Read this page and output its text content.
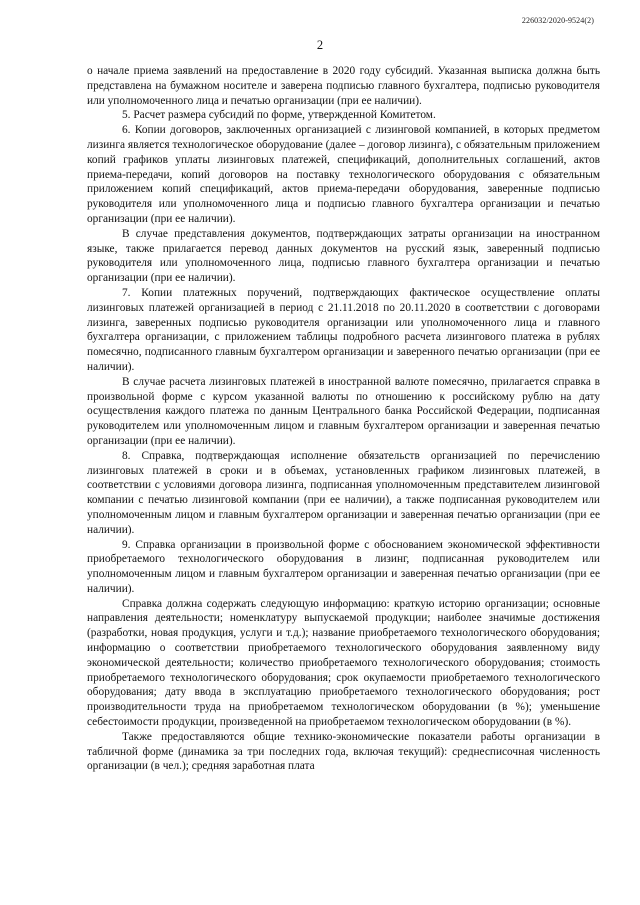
226032/2020-9524(2)
2

о начале приема заявлений на предоставление в 2020 году субсидий. Указанная выписка должна быть представлена на бумажном носителе и заверена подписью главного бухгалтера, подписью руководителя или уполномоченного лица и печатью организации (при ее наличии).

5. Расчет размера субсидий по форме, утвержденной Комитетом.

6. Копии договоров, заключенных организацией с лизинговой компанией, в которых предметом лизинга является технологическое оборудование (далее – договор лизинга), с обязательным приложением копий графиков уплаты лизинговых платежей, спецификаций, дополнительных соглашений, актов приема-передачи, копий договоров на поставку технологического оборудования с обязательным приложением копий спецификаций, актов приема-передачи оборудования, заверенные подписью руководителя или уполномоченного лица и подписью главного бухгалтера организации и печатью организации (при ее наличии).

В случае представления документов, подтверждающих затраты организации на иностранном языке, также прилагается перевод данных документов на русский язык, заверенный подписью руководителя или уполномоченного лица, подписью главного бухгалтера организации и печатью организации (при ее наличии).

7. Копии платежных поручений, подтверждающих фактическое осуществление оплаты лизинговых платежей организацией в период с 21.11.2018 по 20.11.2020 в соответствии с договорами лизинга, заверенных подписью руководителя организации или уполномоченного лица и главного бухгалтера организации, с приложением таблицы подробного расчета лизингового платежа в рублях помесячно, подписанного главным бухгалтером организации и заверенного печатью организации (при ее наличии).

В случае расчета лизинговых платежей в иностранной валюте помесячно, прилагается справка в произвольной форме с курсом указанной валюты по отношению к российскому рублю на дату осуществления каждого платежа по данным Центрального банка Российской Федерации, подписанная руководителем или уполномоченным лицом и главным бухгалтером организации и заверенная печатью организации (при ее наличии).

8. Справка, подтверждающая исполнение обязательств организацией по перечислению лизинговых платежей в сроки и в объемах, установленных графиком лизинговых платежей, в соответствии с условиями договора лизинга, подписанная уполномоченным представителем лизинговой компании с печатью лизинговой компании (при ее наличии), а также подписанная руководителем или уполномоченным лицом и главным бухгалтером организации и заверенная печатью организации (при ее наличии).

9. Справка организации в произвольной форме с обоснованием экономической эффективности приобретаемого технологического оборудования в лизинг, подписанная руководителем или уполномоченным лицом и главным бухгалтером организации и заверенная печатью организации (при ее наличии).

Справка должна содержать следующую информацию: краткую историю организации; основные направления деятельности; номенклатуру выпускаемой продукции; наиболее значимые достижения (разработки, новая продукция, услуги и т.д.); название приобретаемого технологического оборудования; информацию о соответствии приобретаемого технологического оборудования заявленному виду экономической деятельности; количество приобретаемого технологического оборудования; стоимость приобретаемого технологического оборудования; срок окупаемости приобретаемого технологического оборудования; дату ввода в эксплуатацию приобретаемого технологического оборудования; рост производительности труда на приобретаемом технологическом оборудовании (в %); уменьшение себестоимости продукции, произведенной на приобретаемом технологическом оборудовании (в %).

Также предоставляются общие технико-экономические показатели работы организации в табличной форме (динамика за три последних года, включая текущий): среднесписочная численность организации (в чел.); средняя заработная плата
